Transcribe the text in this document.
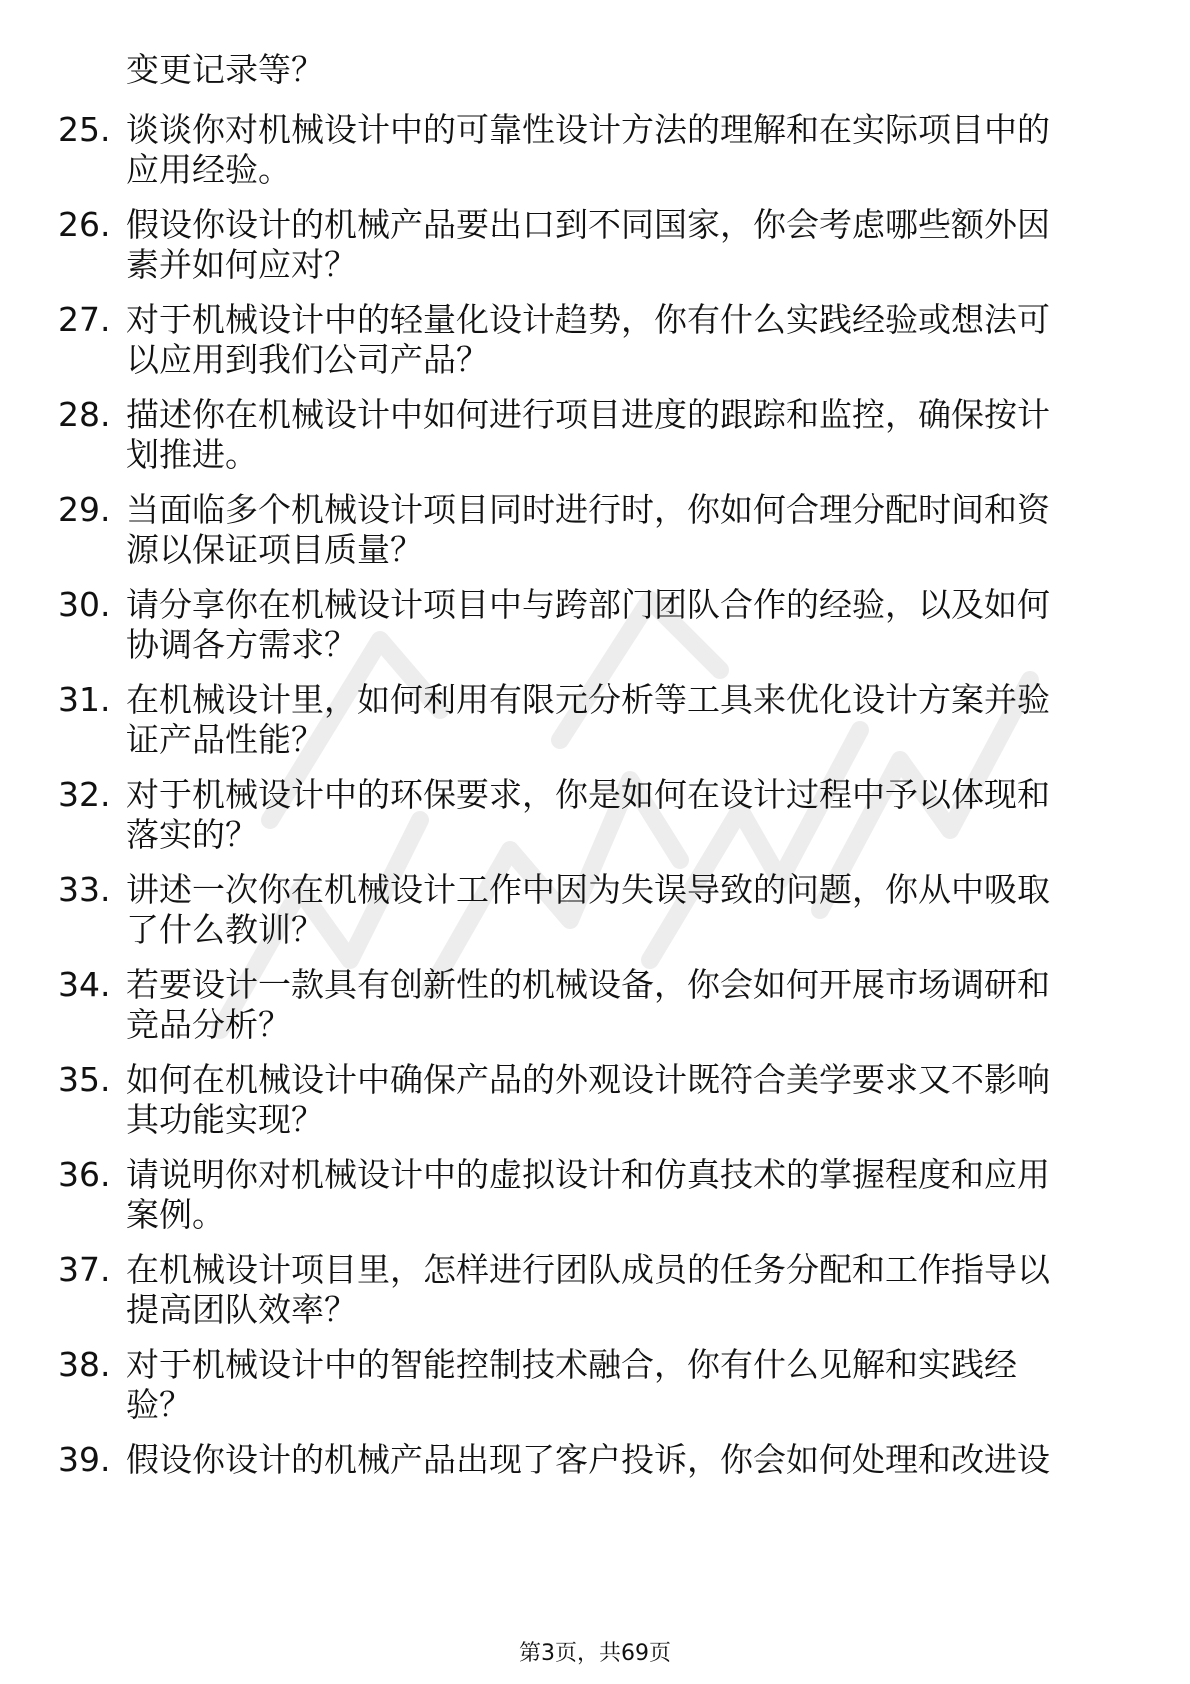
变更记录等？
25. 谈谈你对机械设计中的可靠性设计方法的理解和在实际项目中的
应用经验。
26. 假设你设计的机械产品要出口到不同国家，你会考虑哪些额外因
素并如何应对？
27. 对于机械设计中的轻量化设计趋势，你有什么实践经验或想法可
以应用到我们公司产品？
28. 描述你在机械设计中如何进行项目进度的跟踪和监控，确保按计
划推进。
29. 当面临多个机械设计项目同时进行时，你如何合理分配时间和资
源以保证项目质量？
30. 请分享你在机械设计项目中与跨部门团队合作的经验，以及如何
协调各方需求？
31. 在机械设计里，如何利用有限元分析等工具来优化设计方案并验
证产品性能？
32. 对于机械设计中的环保要求，你是如何在设计过程中予以体现和
落实的？
33. 讲述一次你在机械设计工作中因为失误导致的问题，你从中吸取
了什么教训？
34. 若要设计一款具有创新性的机械设备，你会如何开展市场调研和
竞品分析？
35. 如何在机械设计中确保产品的外观设计既符合美学要求又不影响
其功能实现？
36. 请说明你对机械设计中的虚拟设计和仿真技术的掌握程度和应用
案例。
37. 在机械设计项目里，怎样进行团队成员的任务分配和工作指导以
提高团队效率？
38. 对于机械设计中的智能控制技术融合，你有什么见解和实践经
验？
39. 假设你设计的机械产品出现了客户投诉，你会如何处理和改进设
第3页，共69页
